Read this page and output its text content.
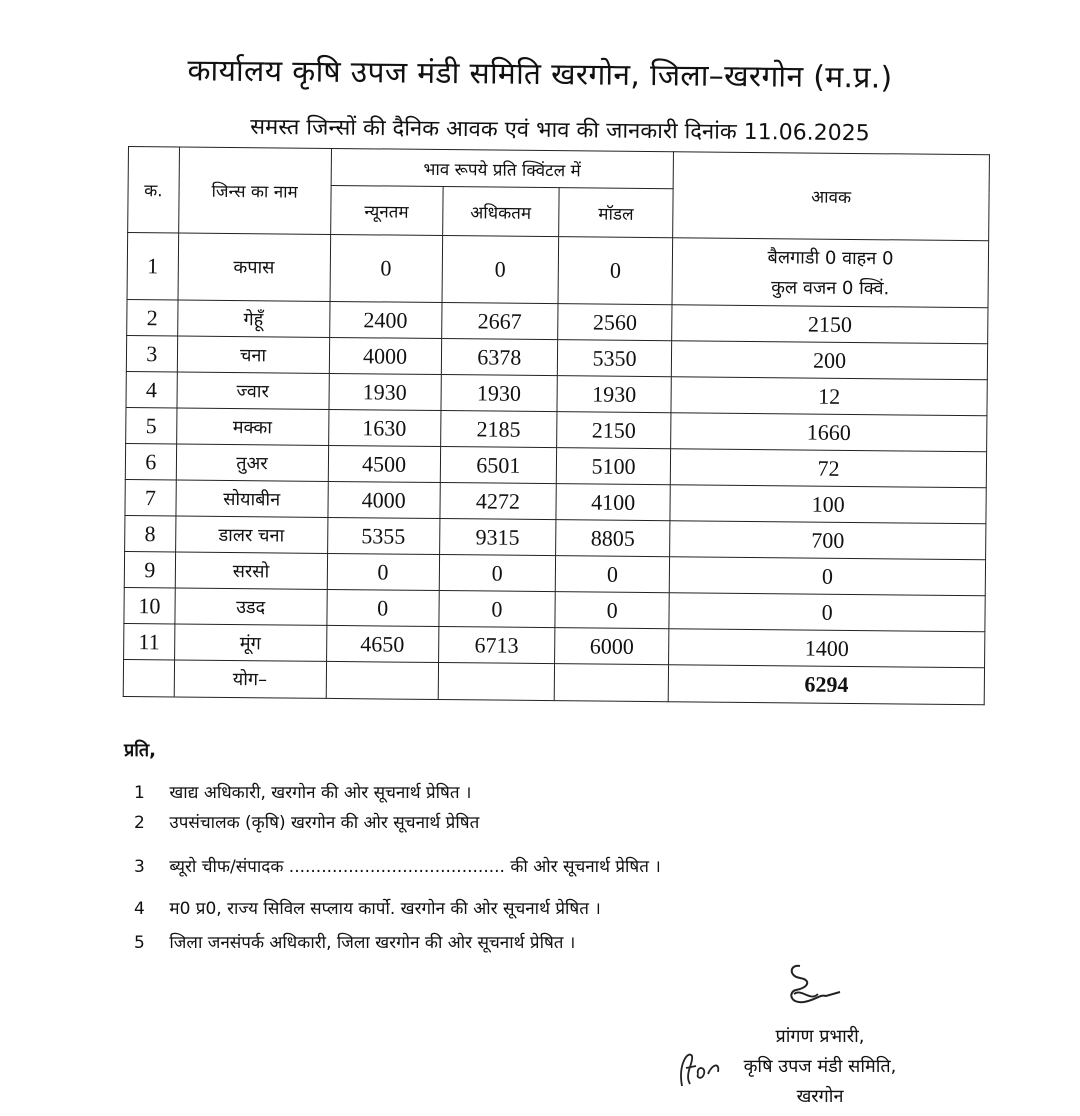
कार्यालय कृषि उपज मंडी समिति खरगोन, जिला–खरगोन (म.प्र.)
समस्त जिन्सों की दैनिक आवक एवं भाव की जानकारी दिनांक 11.06.2025
क.	जिन्स का नाम	भाव रूपये प्रति क्विंटल में			आवक
		न्यूनतम	अधिकतम	मॉडल	
1	कपास	0	0	0	बैलगाडी 0 वाहन 0
कुल वजन 0 क्विं.

2	गेहूँ	2400	2667	2560	2150
3	चना	4000	6378	5350	200
4	ज्वार	1930	1930	1930	12
5	मक्का	1630	2185	2150	1660
6	तुअर	4500	6501	5100	72
7	सोयाबीन	4000	4272	4100	100
8	डालर चना	5355	9315	8805	700
9	सरसो	0	0	0	0
10	उडद	0	0	0	0
11	मूंग	4650	6713	6000	1400
	योग–				6294
प्रति,
1 खाद्य अधिकारी, खरगोन की ओर सूचनार्थ प्रेषित ।
2 उपसंचालक (कृषि) खरगोन की ओर सूचनार्थ प्रेषित
3 ब्यूरो चीफ/संपादक ........................................ की ओर सूचनार्थ प्रेषित ।
4 म0 प्र0, राज्य सिविल सप्लाय कार्पो. खरगोन की ओर सूचनार्थ प्रेषित ।
5 जिला जनसंपर्क अधिकारी, जिला खरगोन की ओर सूचनार्थ प्रेषित ।
प्रांगण प्रभारी,
कृषि उपज मंडी समिति,
खरगोन
